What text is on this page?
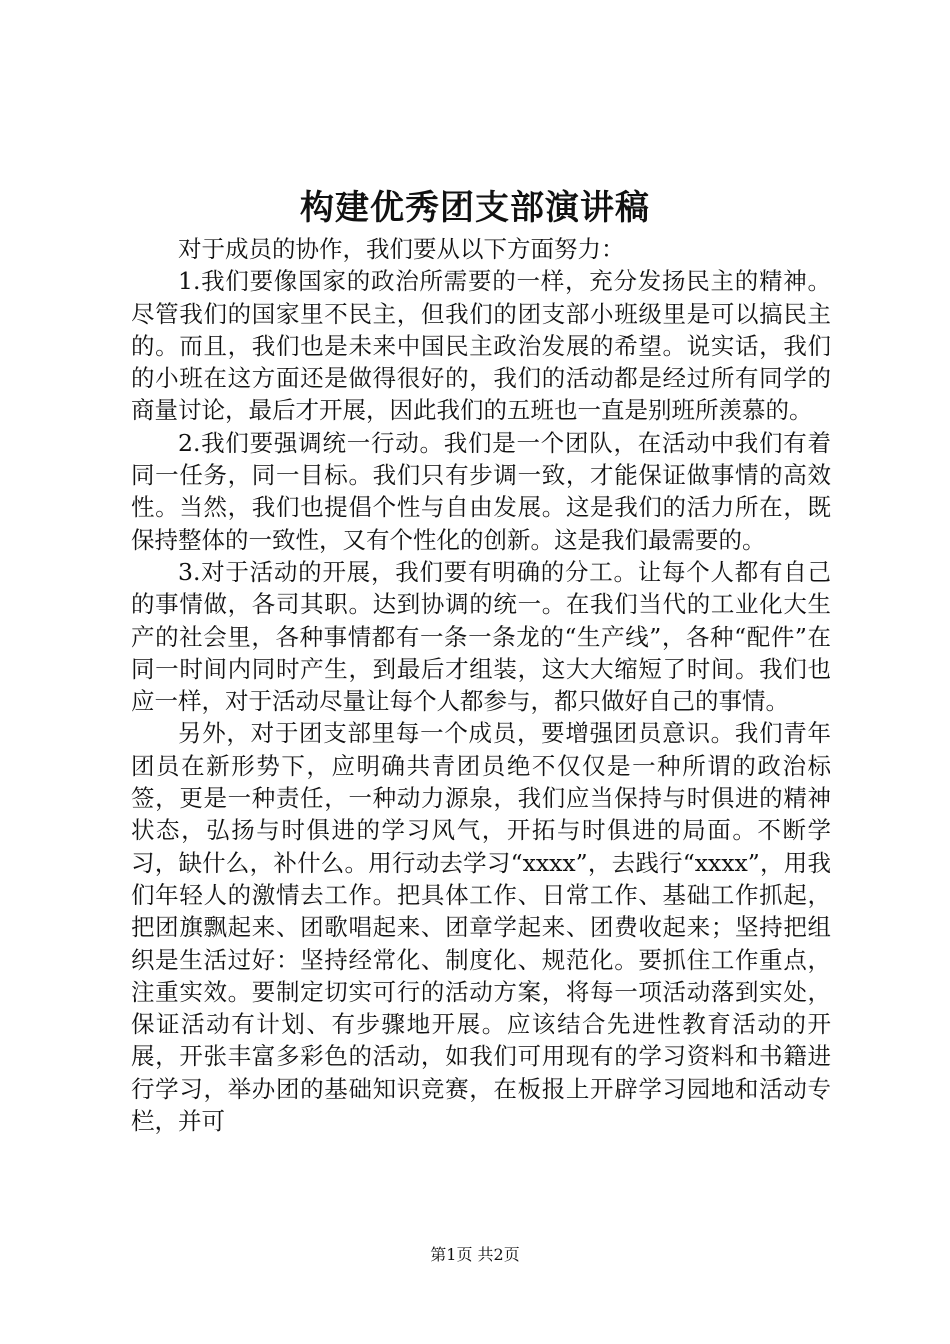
构建优秀团支部演讲稿

对于成员的协作，我们要从以下方面努力：

1.我们要像国家的政治所需要的一样，充分发扬民主的精神。尽管我们的国家里不民主，但我们的团支部小班级里是可以搞民主的。而且，我们也是未来中国民主政治发展的希望。说实话，我们的小班在这方面还是做得很好的，我们的活动都是经过所有同学的商量讨论，最后才开展，因此我们的五班也一直是别班所羡慕的。

2.我们要强调统一行动。我们是一个团队，在活动中我们有着同一任务，同一目标。我们只有步调一致，才能保证做事情的高效性。当然，我们也提倡个性与自由发展。这是我们的活力所在，既保持整体的一致性，又有个性化的创新。这是我们最需要的。

3.对于活动的开展，我们要有明确的分工。让每个人都有自己的事情做，各司其职。达到协调的统一。在我们当代的工业化大生产的社会里，各种事情都有一条一条龙的“生产线”，各种“配件”在同一时间内同时产生，到最后才组装，这大大缩短了时间。我们也应一样，对于活动尽量让每个人都参与，都只做好自己的事情。

另外，对于团支部里每一个成员，要增强团员意识。我们青年团员在新形势下，应明确共青团员绝不仅仅是一种所谓的政治标签，更是一种责任，一种动力源泉，我们应当保持与时俱进的精神状态，弘扬与时俱进的学习风气，开拓与时俱进的局面。不断学习，缺什么，补什么。用行动去学习“xxxx”，去践行“xxxx”，用我们年轻人的激情去工作。把具体工作、日常工作、基础工作抓起，把团旗飘起来、团歌唱起来、团章学起来、团费收起来；坚持把组织是生活过好：坚持经常化、制度化、规范化。要抓住工作重点，注重实效。要制定切实可行的活动方案，将每一项活动落到实处，保证活动有计划、有步骤地开展。应该结合先进性教育活动的开展，开张丰富多彩色的活动，如我们可用现有的学习资料和书籍进行学习，举办团的基础知识竞赛，在板报上开辟学习园地和活动专栏，并可

第1页 共2页
